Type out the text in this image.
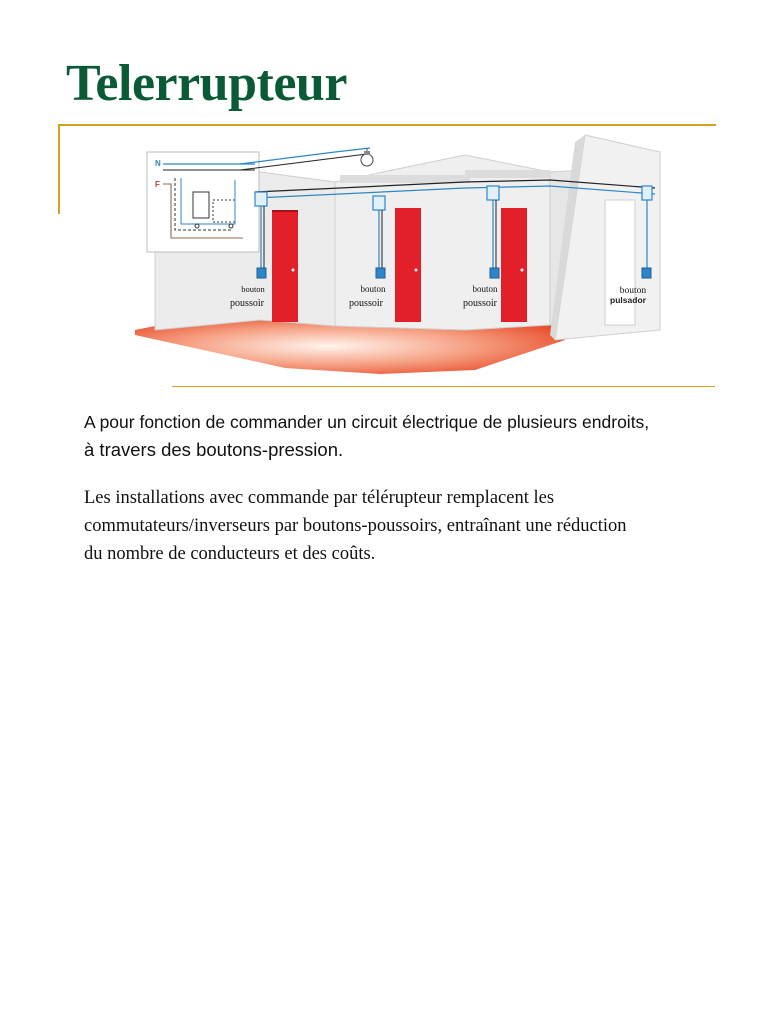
Telerrupteur
N
F
bouton
poussoir
bouton
poussoir
bouton
poussoir
bouton
pulsador

A pour fonction de commander un circuit électrique de plusieurs endroits,
à travers des boutons-pression.

Les installations avec commande par télérupteur remplacent les
commutateurs/inverseurs par boutons-poussoirs, entraînant une réduction
du nombre de conducteurs et des coûts.
